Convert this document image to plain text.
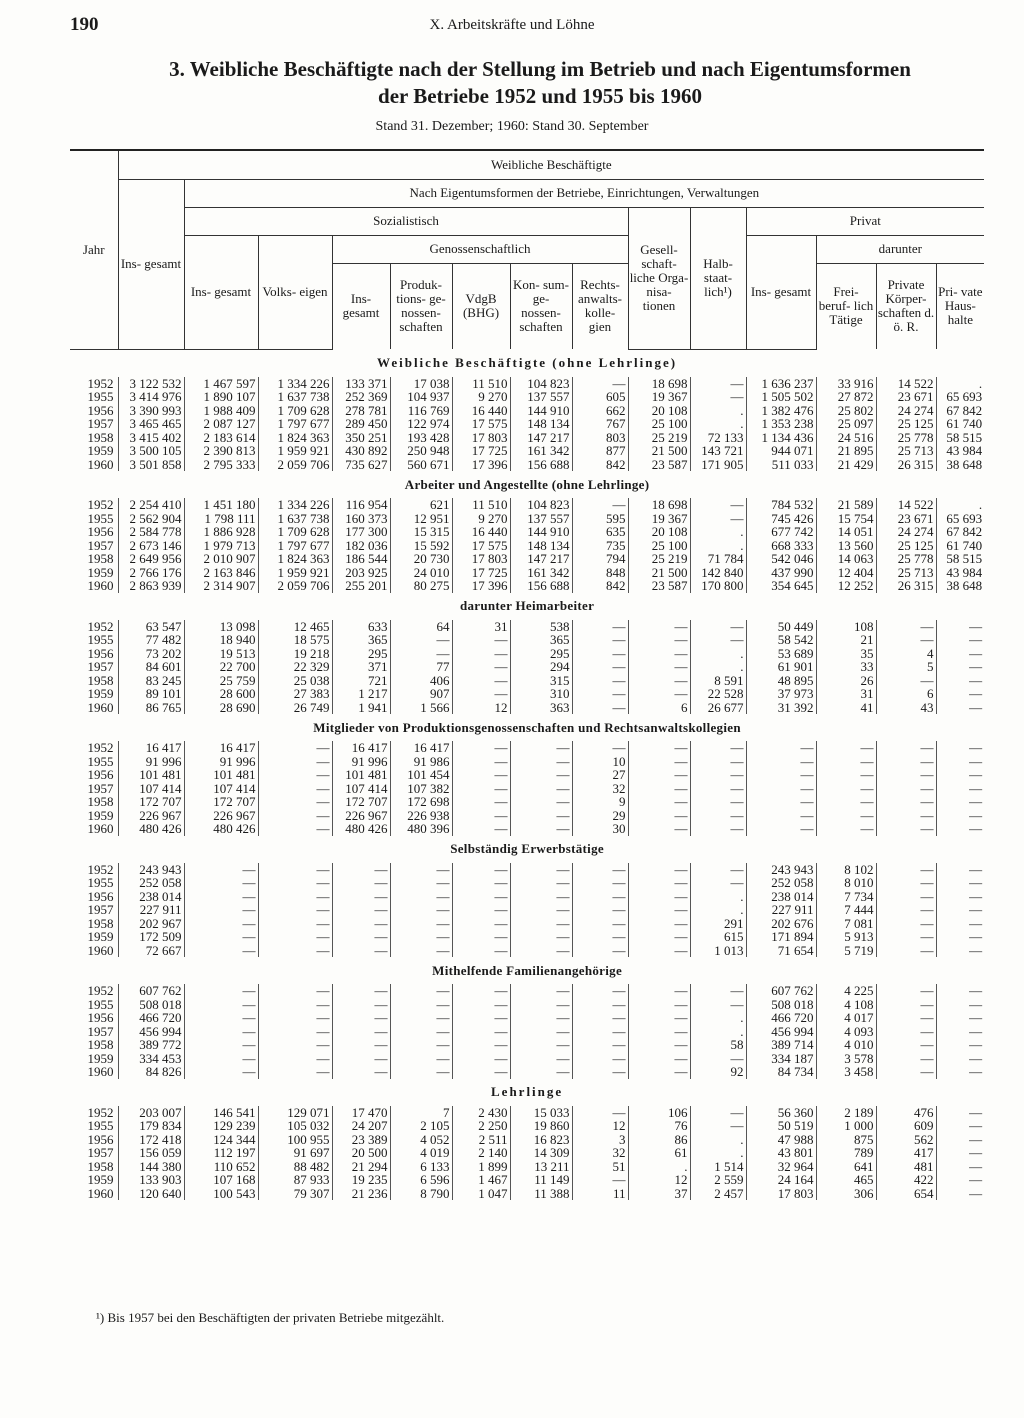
190	X. Arbeitskräfte und Löhne
3. Weibliche Beschäftigte nach der Stellung im Betrieb und nach Eigentumsformen
der Betriebe 1952 und 1955 bis 1960
Stand 31. Dezember; 1960: Stand 30. September
Jahr	Weibliche Beschäftigte													
	Ins- gesamt	Nach Eigentumsformen der Betriebe, Einrichtungen, Verwaltungen												
		Sozialistisch							Gesell- schaft- liche Orga- nisa- tionen	Halb- staat- lich¹)	Privat			
		Ins- gesamt	Volks- eigen	Genossenschaftlich							Ins- gesamt	darunter		
				Ins- gesamt	Produk- tions- ge- nossen- schaften	VdgB (BHG)	Kon- sum- ge- nossen- schaften	Rechts- anwalts- kolle- gien				Frei- beruf- lich Tätige	Private Körper- schaften d. ö. R.	Pri- vate Haus- halte

Weibliche Beschäftigte (ohne Lehrlinge)														
1952	3 122 532	1 467 597	1 334 226	133 371	17 038	11 510	104 823	—	18 698	—	1 636 237	33 916	14 522	.
1955	3 414 976	1 890 107	1 637 738	252 369	104 937	9 270	137 557	605	19 367	—	1 505 502	27 872	23 671	65 693
1956	3 390 993	1 988 409	1 709 628	278 781	116 769	16 440	144 910	662	20 108	.	1 382 476	25 802	24 274	67 842
1957	3 465 465	2 087 127	1 797 677	289 450	122 974	17 575	148 134	767	25 100	.	1 353 238	25 097	25 125	61 740
1958	3 415 402	2 183 614	1 824 363	350 251	193 428	17 803	147 217	803	25 219	72 133	1 134 436	24 516	25 778	58 515
1959	3 500 105	2 390 813	1 959 921	430 892	250 948	17 725	161 342	877	21 500	143 721	944 071	21 895	25 713	43 984
1960	3 501 858	2 795 333	2 059 706	735 627	560 671	17 396	156 688	842	23 587	171 905	511 033	21 429	26 315	38 648
Arbeiter und Angestellte (ohne Lehrlinge)														
1952	2 254 410	1 451 180	1 334 226	116 954	621	11 510	104 823	—	18 698	—	784 532	21 589	14 522	.
1955	2 562 904	1 798 111	1 637 738	160 373	12 951	9 270	137 557	595	19 367	—	745 426	15 754	23 671	65 693
1956	2 584 778	1 886 928	1 709 628	177 300	15 315	16 440	144 910	635	20 108	.	677 742	14 051	24 274	67 842
1957	2 673 146	1 979 713	1 797 677	182 036	15 592	17 575	148 134	735	25 100	.	668 333	13 560	25 125	61 740
1958	2 649 956	2 010 907	1 824 363	186 544	20 730	17 803	147 217	794	25 219	71 784	542 046	14 063	25 778	58 515
1959	2 766 176	2 163 846	1 959 921	203 925	24 010	17 725	161 342	848	21 500	142 840	437 990	12 404	25 713	43 984
1960	2 863 939	2 314 907	2 059 706	255 201	80 275	17 396	156 688	842	23 587	170 800	354 645	12 252	26 315	38 648
darunter Heimarbeiter														
1952	63 547	13 098	12 465	633	64	31	538	—	—	—	50 449	108	—	—
1955	77 482	18 940	18 575	365	—	—	365	—	—	—	58 542	21	—	—
1956	73 202	19 513	19 218	295	—	—	295	—	—	.	53 689	35	4	—
1957	84 601	22 700	22 329	371	77	—	294	—	—	.	61 901	33	5	—
1958	83 245	25 759	25 038	721	406	—	315	—	—	8 591	48 895	26	—	—
1959	89 101	28 600	27 383	1 217	907	—	310	—	—	22 528	37 973	31	6	—
1960	86 765	28 690	26 749	1 941	1 566	12	363	—	6	26 677	31 392	41	43	—
Mitglieder von Produktionsgenossenschaften und Rechtsanwaltskollegien														
1952	16 417	16 417	—	16 417	16 417	—	—	—	—	—	—	—	—	—
1955	91 996	91 996	—	91 996	91 986	—	—	10	—	—	—	—	—	—
1956	101 481	101 481	—	101 481	101 454	—	—	27	—	—	—	—	—	—
1957	107 414	107 414	—	107 414	107 382	—	—	32	—	—	—	—	—	—
1958	172 707	172 707	—	172 707	172 698	—	—	9	—	—	—	—	—	—
1959	226 967	226 967	—	226 967	226 938	—	—	29	—	—	—	—	—	—
1960	480 426	480 426	—	480 426	480 396	—	—	30	—	—	—	—	—	—
Selbständig Erwerbstätige														
1952	243 943	—	—	—	—	—	—	—	—	—	243 943	8 102	—	—
1955	252 058	—	—	—	—	—	—	—	—	—	252 058	8 010	—	—
1956	238 014	—	—	—	—	—	—	—	—	.	238 014	7 734	—	—
1957	227 911	—	—	—	—	—	—	—	—	.	227 911	7 444	—	—
1958	202 967	—	—	—	—	—	—	—	—	291	202 676	7 081	—	—
1959	172 509	—	—	—	—	—	—	—	—	615	171 894	5 913	—	—
1960	72 667	—	—	—	—	—	—	—	—	1 013	71 654	5 719	—	—
Mithelfende Familienangehörige														
1952	607 762	—	—	—	—	—	—	—	—	—	607 762	4 225	—	—
1955	508 018	—	—	—	—	—	—	—	—	—	508 018	4 108	—	—
1956	466 720	—	—	—	—	—	—	—	—	.	466 720	4 017	—	—
1957	456 994	—	—	—	—	—	—	—	—	.	456 994	4 093	—	—
1958	389 772	—	—	—	—	—	—	—	—	58	389 714	4 010	—	—
1959	334 453	—	—	—	—	—	—	—	—	—	334 187	3 578	—	—
1960	84 826	—	—	—	—	—	—	—	—	92	84 734	3 458	—	—
Lehrlinge														
1952	203 007	146 541	129 071	17 470	7	2 430	15 033	—	106	—	56 360	2 189	476	—
1955	179 834	129 239	105 032	24 207	2 105	2 250	19 860	12	76	—	50 519	1 000	609	—
1956	172 418	124 344	100 955	23 389	4 052	2 511	16 823	3	86	.	47 988	875	562	—
1957	156 059	112 197	91 697	20 500	4 019	2 140	14 309	32	61	.	43 801	789	417	—
1958	144 380	110 652	88 482	21 294	6 133	1 899	13 211	51	.	1 514	32 964	641	481	—
1959	133 903	107 168	87 933	19 235	6 596	1 467	11 149	—	12	2 559	24 164	465	422	—
1960	120 640	100 543	79 307	21 236	8 790	1 047	11 388	11	37	2 457	17 803	306	654	—
¹) Bis 1957 bei den Beschäftigten der privaten Betriebe mitgezählt.
